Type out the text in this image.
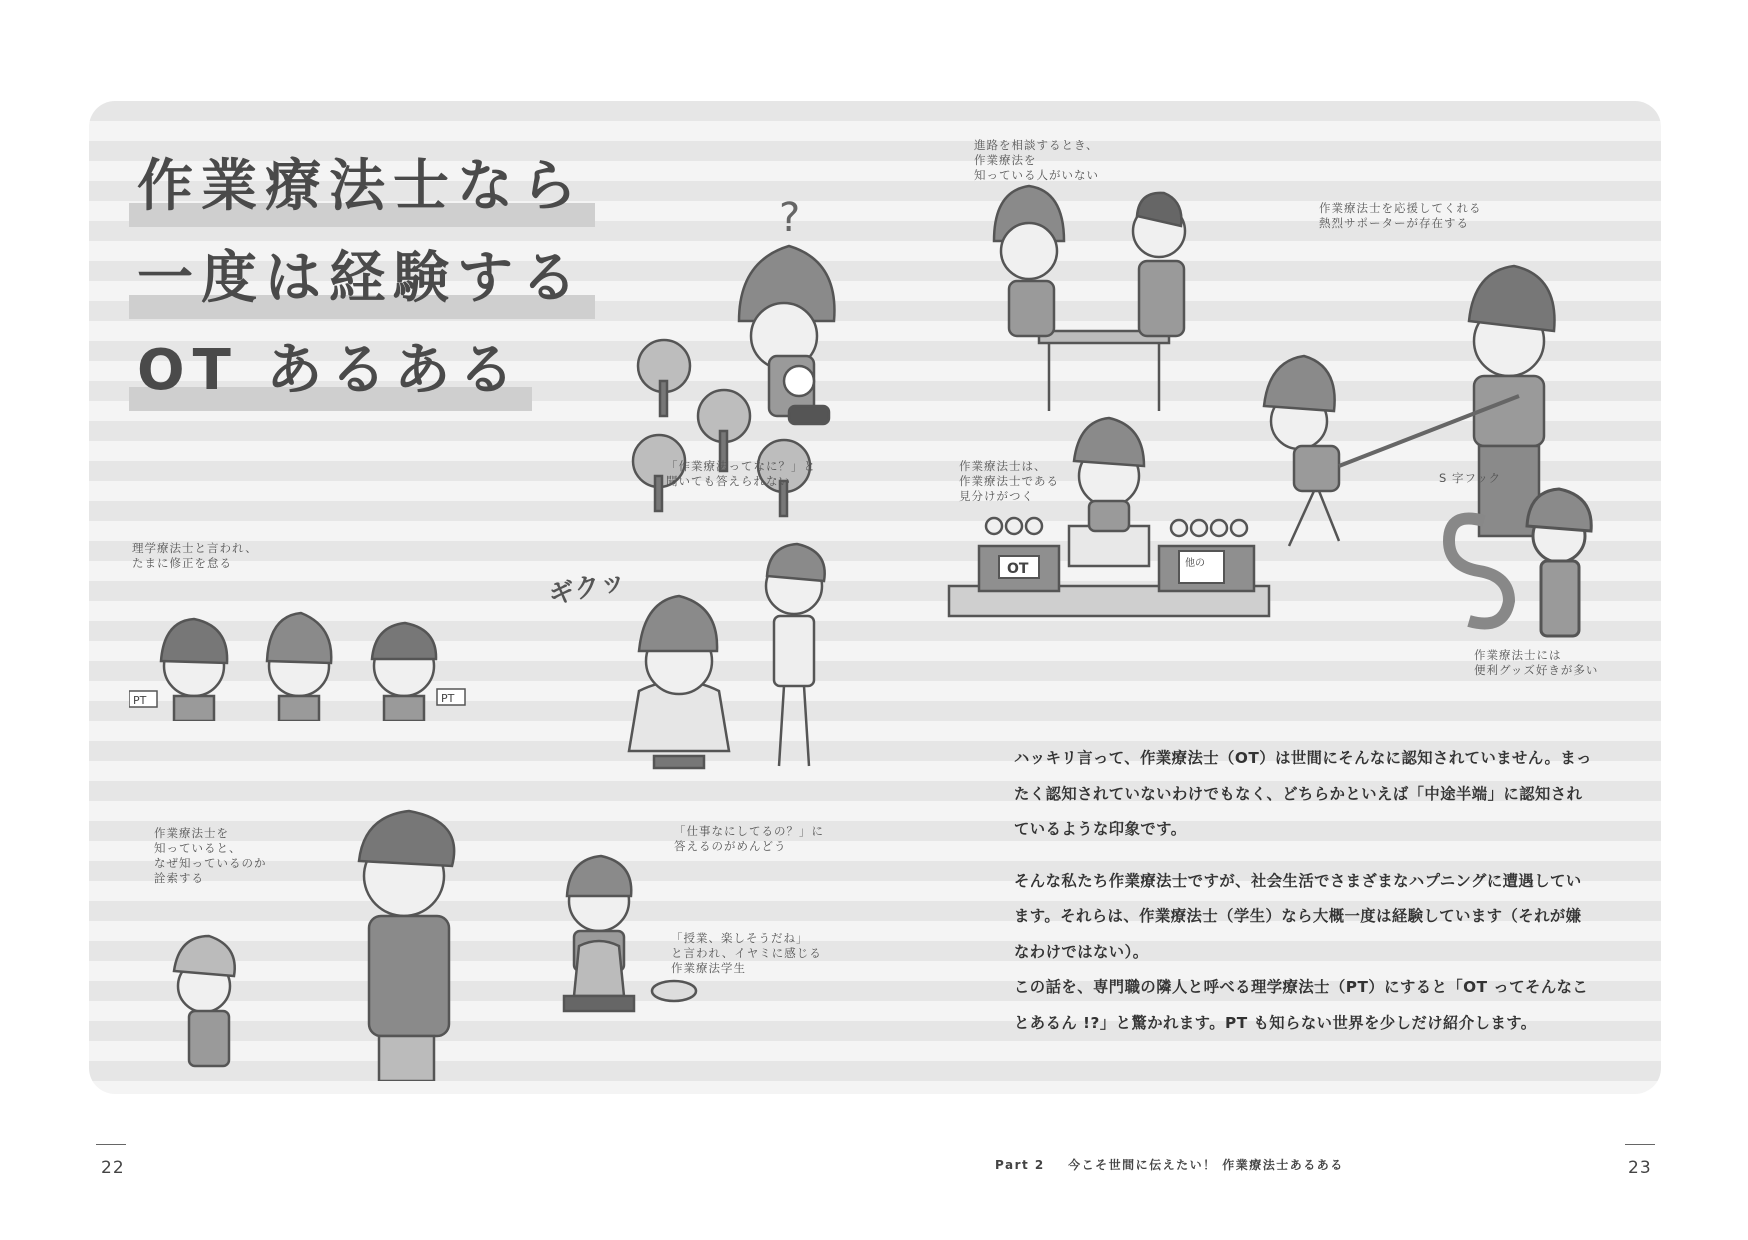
作業療法士なら
一度は経験する
OT あるある
?
「作業療法ってなに？」と
聞いても答えられない
進路を相談するとき、
作業療法を
知っている人がいない
作業療法士を応援してくれる
熱烈サポーターが存在する
作業療法士は、
作業療法士である
見分けがつく
OT	他の
S 字フック
作業療法士には
便利グッズ好きが多い
理学療法士と言われ、
たまに修正を怠る
PT	PT
ギクッ
「仕事なにしてるの？」に
答えるのがめんどう
作業療法士を
知っていると、
なぜ知っているのか
詮索する
「授業、楽しそうだね」
と言われ、イヤミに感じる
作業療法学生

ハッキリ言って、作業療法士（OT）は世間にそんなに認知されていません。まったく認知されていないわけでもなく、どちらかといえば「中途半端」に認知されているような印象です。

そんな私たち作業療法士ですが、社会生活でさまざまなハプニングに遭遇しています。それらは、作業療法士（学生）なら大概一度は経験しています（それが嫌なわけではない）。

この話を、専門職の隣人と呼べる理学療法士（PT）にすると「OT ってそんなことあるん !?」と驚かれます。PT も知らない世界を少しだけ紹介します。

22	Part 2 今こそ世間に伝えたい！ 作業療法士あるある	23
